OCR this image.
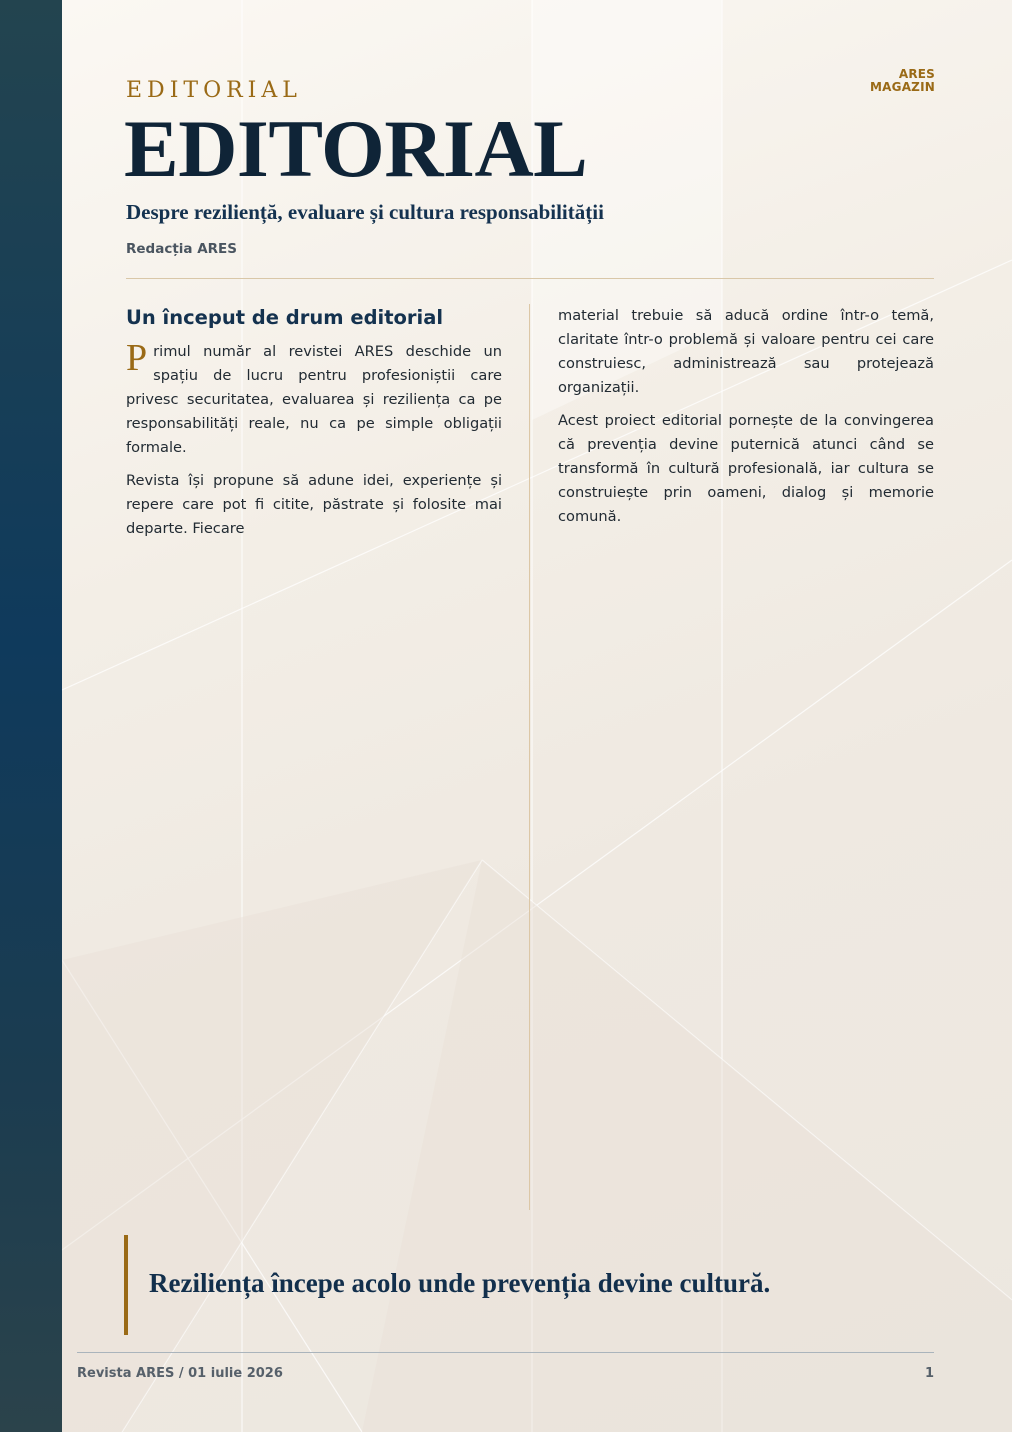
ARES
MAGAZIN
EDITORIAL
EDITORIAL
Despre reziliență, evaluare și cultura responsabilității
Redacția ARES
Un început de drum editorial

Primul număr al revistei ARES deschide un spațiu de lucru pentru profesioniștii care privesc securitatea, evaluarea și reziliența ca pe responsabilități reale, nu ca pe simple obligații formale.

Revista își propune să adune idei, experiențe și repere care pot fi citite, păstrate și folosite mai departe. Fiecare

material trebuie să aducă ordine într-o temă, claritate într-o problemă și valoare pentru cei care construiesc, administrează sau protejează organizații.

Acest proiect editorial pornește de la convingerea că prevenția devine puternică atunci când se transformă în cultură profesională, iar cultura se construiește prin oameni, dialog și memorie comună.

Reziliența începe acolo unde prevenția devine cultură.
Revista ARES / 01 iulie 2026	1
